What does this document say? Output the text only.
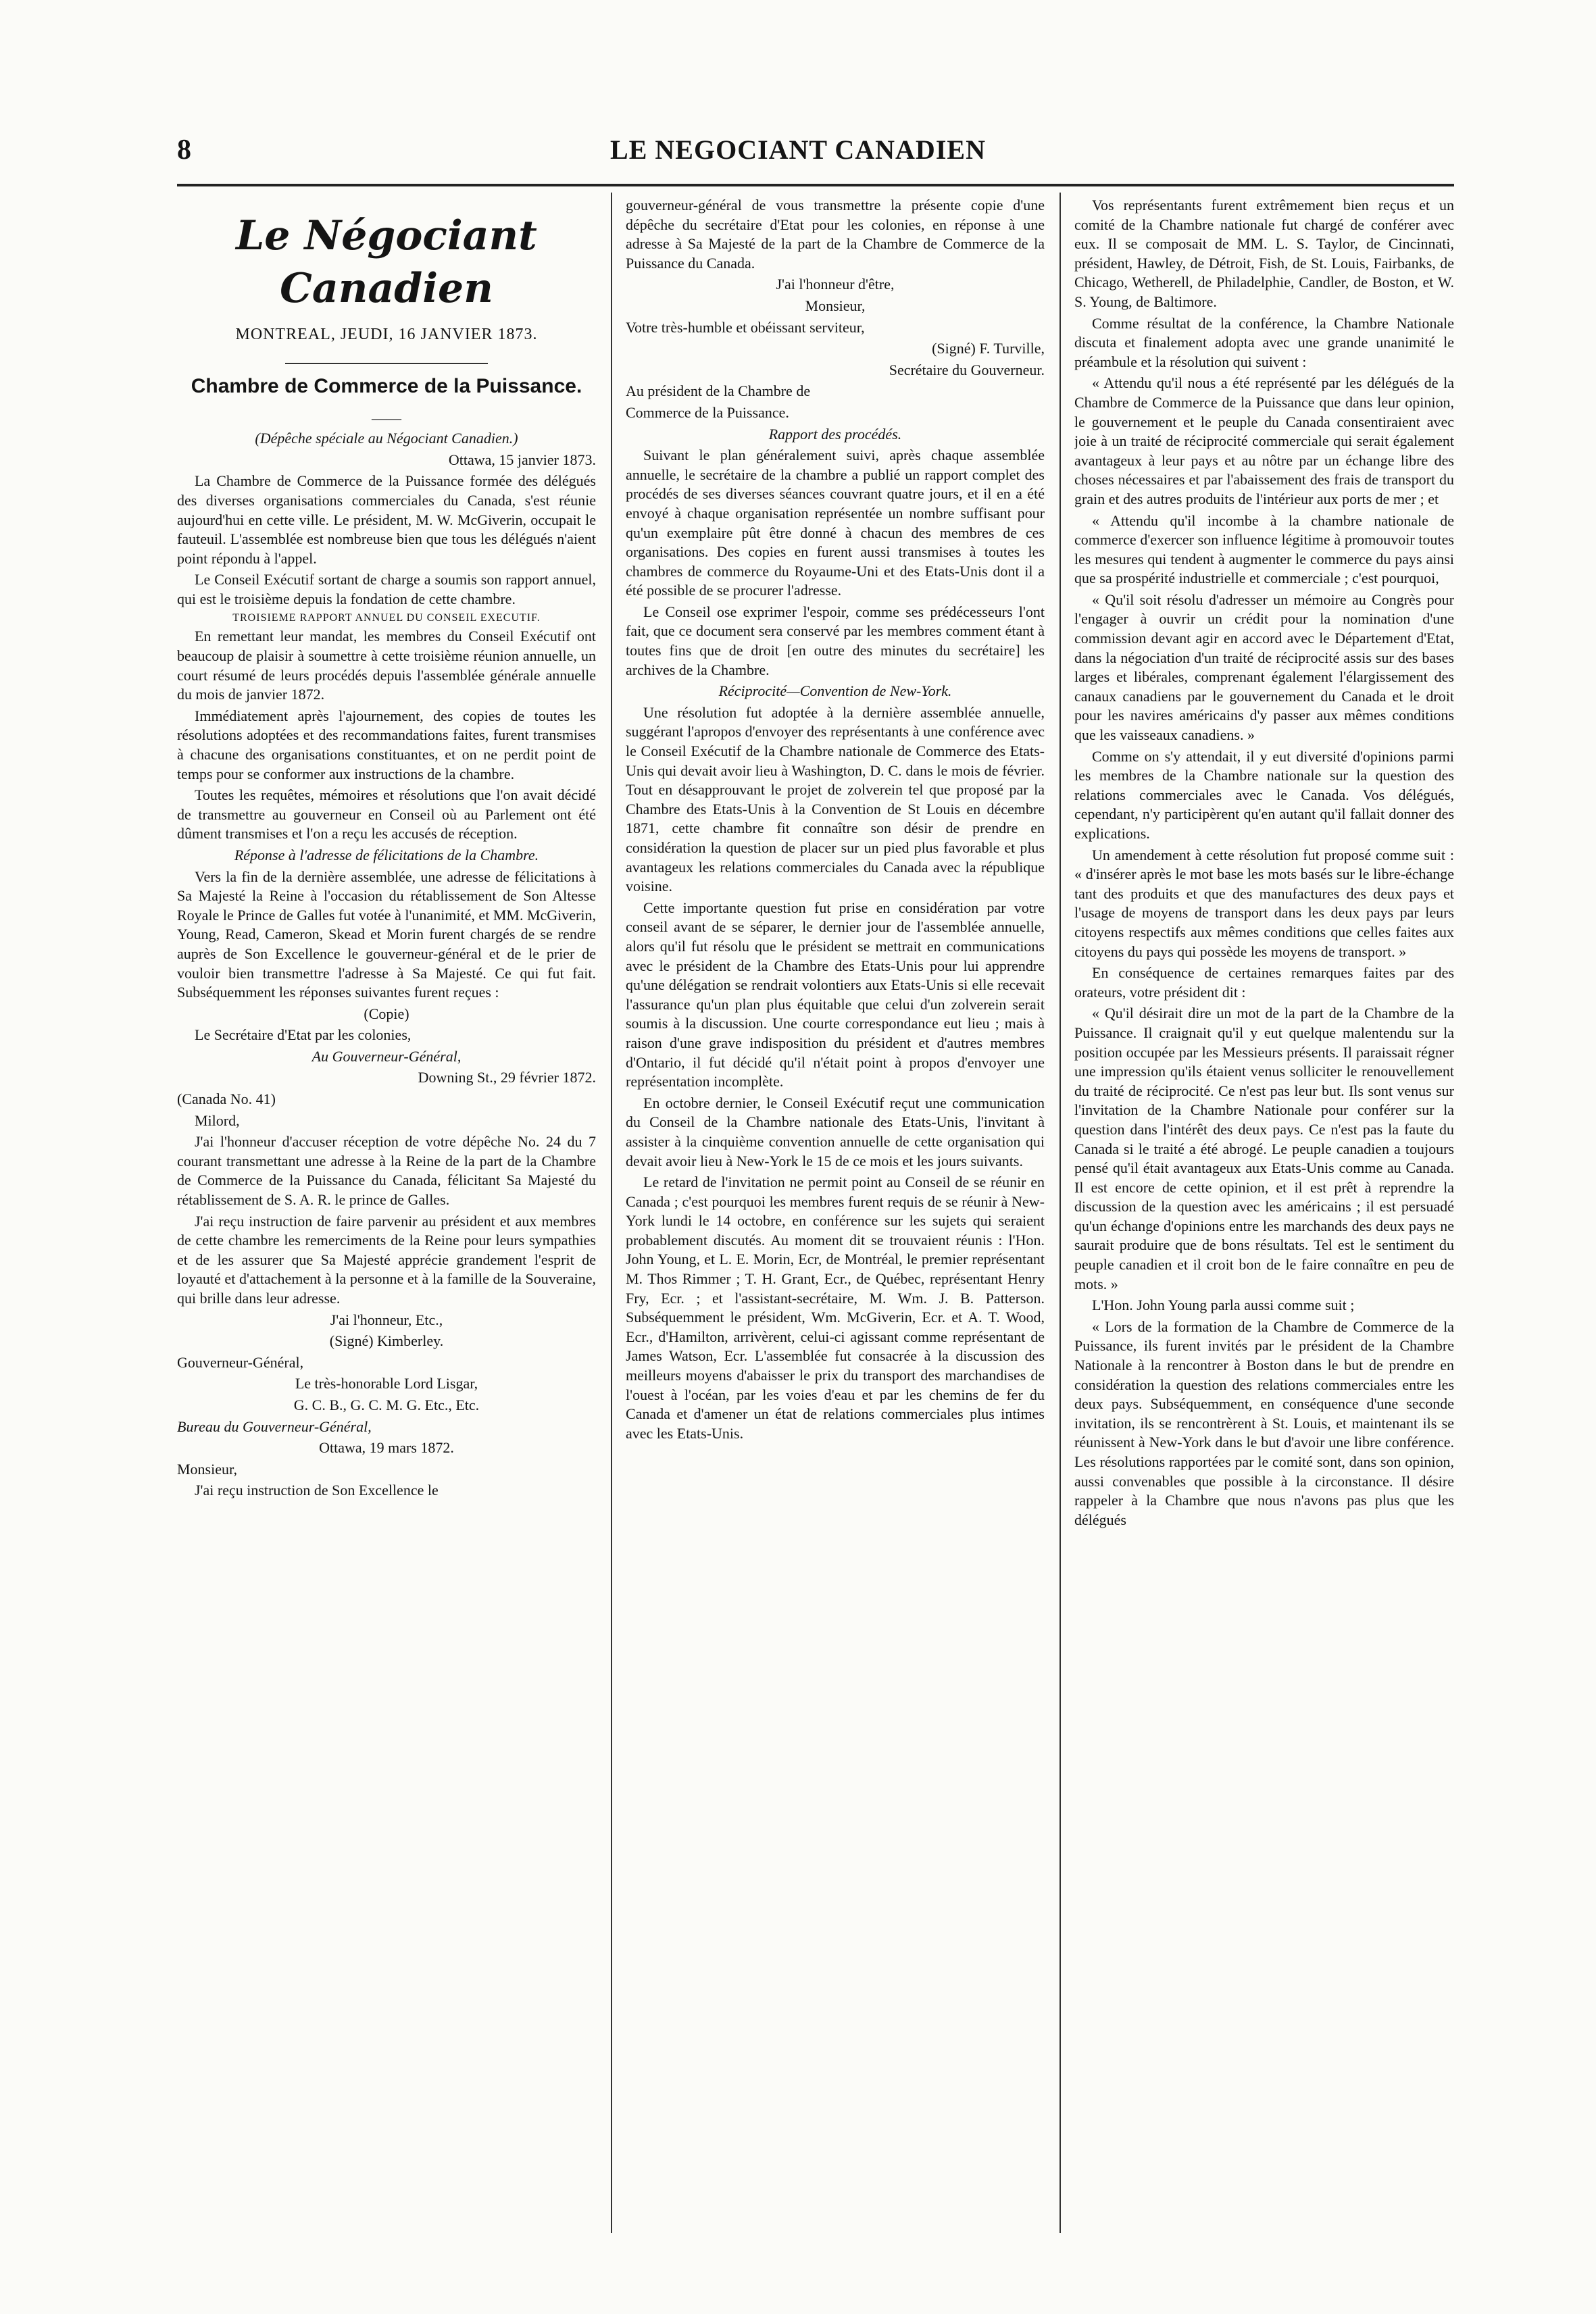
8	LE NEGOCIANT CANADIEN
Le Négociant Canadien
MONTREAL, JEUDI, 16 JANVIER 1873.
Chambre de Commerce de la Puissance.
——

(Dépêche spéciale au Négociant Canadien.)

Ottawa, 15 janvier 1873.

La Chambre de Commerce de la Puissance formée des délégués des diverses organisations commerciales du Canada, s'est réunie aujourd'hui en cette ville. Le président, M. W. McGiverin, occupait le fauteuil. L'assemblée est nombreuse bien que tous les délégués n'aient point répondu à l'appel.

Le Conseil Exécutif sortant de charge a soumis son rapport annuel, qui est le troisième depuis la fondation de cette chambre.

TROISIEME RAPPORT ANNUEL DU CONSEIL EXECUTIF.

En remettant leur mandat, les membres du Conseil Exécutif ont beaucoup de plaisir à soumettre à cette troisième réunion annuelle, un court résumé de leurs procédés depuis l'assemblée générale annuelle du mois de janvier 1872.

Immédiatement après l'ajournement, des copies de toutes les résolutions adoptées et des recommandations faites, furent transmises à chacune des organisations constituantes, et on ne perdit point de temps pour se conformer aux instructions de la chambre.

Toutes les requêtes, mémoires et résolutions que l'on avait décidé de transmettre au gouverneur en Conseil où au Parlement ont été dûment transmises et l'on a reçu les accusés de réception.

Réponse à l'adresse de félicitations de la Chambre.

Vers la fin de la dernière assemblée, une adresse de félicitations à Sa Majesté la Reine à l'occasion du rétablissement de Son Altesse Royale le Prince de Galles fut votée à l'unanimité, et MM. McGiverin, Young, Read, Cameron, Skead et Morin furent chargés de se rendre auprès de Son Excellence le gouverneur-général et de le prier de vouloir bien transmettre l'adresse à Sa Majesté. Ce qui fut fait. Subséquemment les réponses suivantes furent reçues :

(Copie)

Le Secrétaire d'Etat par les colonies,

Au Gouverneur-Général,

Downing St., 29 février 1872.

(Canada No. 41)

Milord,

J'ai l'honneur d'accuser réception de votre dépêche No. 24 du 7 courant transmettant une adresse à la Reine de la part de la Chambre de Commerce de la Puissance du Canada, félicitant Sa Majesté du rétablissement de S. A. R. le prince de Galles.

J'ai reçu instruction de faire parvenir au président et aux membres de cette chambre les remerciments de la Reine pour leurs sympathies et de les assurer que Sa Majesté apprécie grandement l'esprit de loyauté et d'attachement à la personne et à la famille de la Souveraine, qui brille dans leur adresse.

J'ai l'honneur, Etc.,

(Signé) Kimberley.

Gouverneur-Général,

Le très-honorable Lord Lisgar,

G. C. B., G. C. M. G. Etc., Etc.

Bureau du Gouverneur-Général,

Ottawa, 19 mars 1872.

Monsieur,

J'ai reçu instruction de Son Excellence le

gouverneur-général de vous transmettre la présente copie d'une dépêche du secrétaire d'Etat pour les colonies, en réponse à une adresse à Sa Majesté de la part de la Chambre de Commerce de la Puissance du Canada.

J'ai l'honneur d'être,

Monsieur,

Votre très-humble et obéissant serviteur,

(Signé) F. Turville,

Secrétaire du Gouverneur.

Au président de la Chambre de

Commerce de la Puissance.

Rapport des procédés.

Suivant le plan généralement suivi, après chaque assemblée annuelle, le secrétaire de la chambre a publié un rapport complet des procédés de ses diverses séances couvrant quatre jours, et il en a été envoyé à chaque organisation représentée un nombre suffisant pour qu'un exemplaire pût être donné à chacun des membres de ces organisations. Des copies en furent aussi transmises à toutes les chambres de commerce du Royaume-Uni et des Etats-Unis dont il a été possible de se procurer l'adresse.

Le Conseil ose exprimer l'espoir, comme ses prédécesseurs l'ont fait, que ce document sera conservé par les membres comment étant à toutes fins que de droit [en outre des minutes du secrétaire] les archives de la Chambre.

Réciprocité—Convention de New-York.

Une résolution fut adoptée à la dernière assemblée annuelle, suggérant l'apropos d'envoyer des représentants à une conférence avec le Conseil Exécutif de la Chambre nationale de Commerce des Etats-Unis qui devait avoir lieu à Washington, D. C. dans le mois de février. Tout en désapprouvant le projet de zolverein tel que proposé par la Chambre des Etats-Unis à la Convention de St Louis en décembre 1871, cette chambre fit connaître son désir de prendre en considération la question de placer sur un pied plus favorable et plus avantageux les relations commerciales du Canada avec la république voisine.

Cette importante question fut prise en considération par votre conseil avant de se séparer, le dernier jour de l'assemblée annuelle, alors qu'il fut résolu que le président se mettrait en communications avec le président de la Chambre des Etats-Unis pour lui apprendre qu'une délégation se rendrait volontiers aux Etats-Unis si elle recevait l'assurance qu'un plan plus équitable que celui d'un zolverein serait soumis à la discussion. Une courte correspondance eut lieu ; mais à raison d'une grave indisposition du président et d'autres membres d'Ontario, il fut décidé qu'il n'était point à propos d'envoyer une représentation incomplète.

En octobre dernier, le Conseil Exécutif reçut une communication du Conseil de la Chambre nationale des Etats-Unis, l'invitant à assister à la cinquième convention annuelle de cette organisation qui devait avoir lieu à New-York le 15 de ce mois et les jours suivants.

Le retard de l'invitation ne permit point au Conseil de se réunir en Canada ; c'est pourquoi les membres furent requis de se réunir à New-York lundi le 14 octobre, en conférence sur les sujets qui seraient probablement discutés. Au moment dit se trouvaient réunis : l'Hon. John Young, et L. E. Morin, Ecr, de Montréal, le premier représentant M. Thos Rimmer ; T. H. Grant, Ecr., de Québec, représentant Henry Fry, Ecr. ; et l'assistant-secrétaire, M. Wm. J. B. Patterson. Subséquemment le président, Wm. McGiverin, Ecr. et A. T. Wood, Ecr., d'Hamilton, arrivèrent, celui-ci agissant comme représentant de James Watson, Ecr. L'assemblée fut consacrée à la discussion des meilleurs moyens d'abaisser le prix du transport des marchandises de l'ouest à l'océan, par les voies d'eau et par les chemins de fer du Canada et d'amener un état de relations commerciales plus intimes avec les Etats-Unis.

Vos représentants furent extrêmement bien reçus et un comité de la Chambre nationale fut chargé de conférer avec eux. Il se composait de MM. L. S. Taylor, de Cincinnati, président, Hawley, de Détroit, Fish, de St. Louis, Fairbanks, de Chicago, Wetherell, de Philadelphie, Candler, de Boston, et W. S. Young, de Baltimore.

Comme résultat de la conférence, la Chambre Nationale discuta et finalement adopta avec une grande unanimité le préambule et la résolution qui suivent :

« Attendu qu'il nous a été représenté par les délégués de la Chambre de Commerce de la Puissance que dans leur opinion, le gouvernement et le peuple du Canada consentiraient avec joie à un traité de réciprocité commerciale qui serait également avantageux à leur pays et au nôtre par un échange libre des choses nécessaires et par l'abaissement des frais de transport du grain et des autres produits de l'intérieur aux ports de mer ; et

« Attendu qu'il incombe à la chambre nationale de commerce d'exercer son influence légitime à promouvoir toutes les mesures qui tendent à augmenter le commerce du pays ainsi que sa prospérité industrielle et commerciale ; c'est pourquoi,

« Qu'il soit résolu d'adresser un mémoire au Congrès pour l'engager à ouvrir un crédit pour la nomination d'une commission devant agir en accord avec le Département d'Etat, dans la négociation d'un traité de réciprocité assis sur des bases larges et libérales, comprenant également l'élargissement des canaux canadiens par le gouvernement du Canada et le droit pour les navires américains d'y passer aux mêmes conditions que les vaisseaux canadiens. »

Comme on s'y attendait, il y eut diversité d'opinions parmi les membres de la Chambre nationale sur la question des relations commerciales avec le Canada. Vos délégués, cependant, n'y participèrent qu'en autant qu'il fallait donner des explications.

Un amendement à cette résolution fut proposé comme suit : « d'insérer après le mot base les mots basés sur le libre-échange tant des produits et que des manufactures des deux pays et l'usage de moyens de transport dans les deux pays par leurs citoyens respectifs aux mêmes conditions que celles faites aux citoyens du pays qui possède les moyens de transport. »

En conséquence de certaines remarques faites par des orateurs, votre président dit :

« Qu'il désirait dire un mot de la part de la Chambre de la Puissance. Il craignait qu'il y eut quelque malentendu sur la position occupée par les Messieurs présents. Il paraissait régner une impression qu'ils étaient venus solliciter le renouvellement du traité de réciprocité. Ce n'est pas leur but. Ils sont venus sur l'invitation de la Chambre Nationale pour conférer sur la question dans l'intérêt des deux pays. Ce n'est pas la faute du Canada si le traité a été abrogé. Le peuple canadien a toujours pensé qu'il était avantageux aux Etats-Unis comme au Canada. Il est encore de cette opinion, et il est prêt à reprendre la discussion de la question avec les américains ; il est persuadé qu'un échange d'opinions entre les marchands des deux pays ne saurait produire que de bons résultats. Tel est le sentiment du peuple canadien et il croit bon de le faire connaître en peu de mots. »

L'Hon. John Young parla aussi comme suit ;

« Lors de la formation de la Chambre de Commerce de la Puissance, ils furent invités par le président de la Chambre Nationale à la rencontrer à Boston dans le but de prendre en considération la question des relations commerciales entre les deux pays. Subséquemment, en conséquence d'une seconde invitation, ils se rencontrèrent à St. Louis, et maintenant ils se réunissent à New-York dans le but d'avoir une libre conférence. Les résolutions rapportées par le comité sont, dans son opinion, aussi convenables que possible à la circonstance. Il désire rappeler à la Chambre que nous n'avons pas plus que les délégués
